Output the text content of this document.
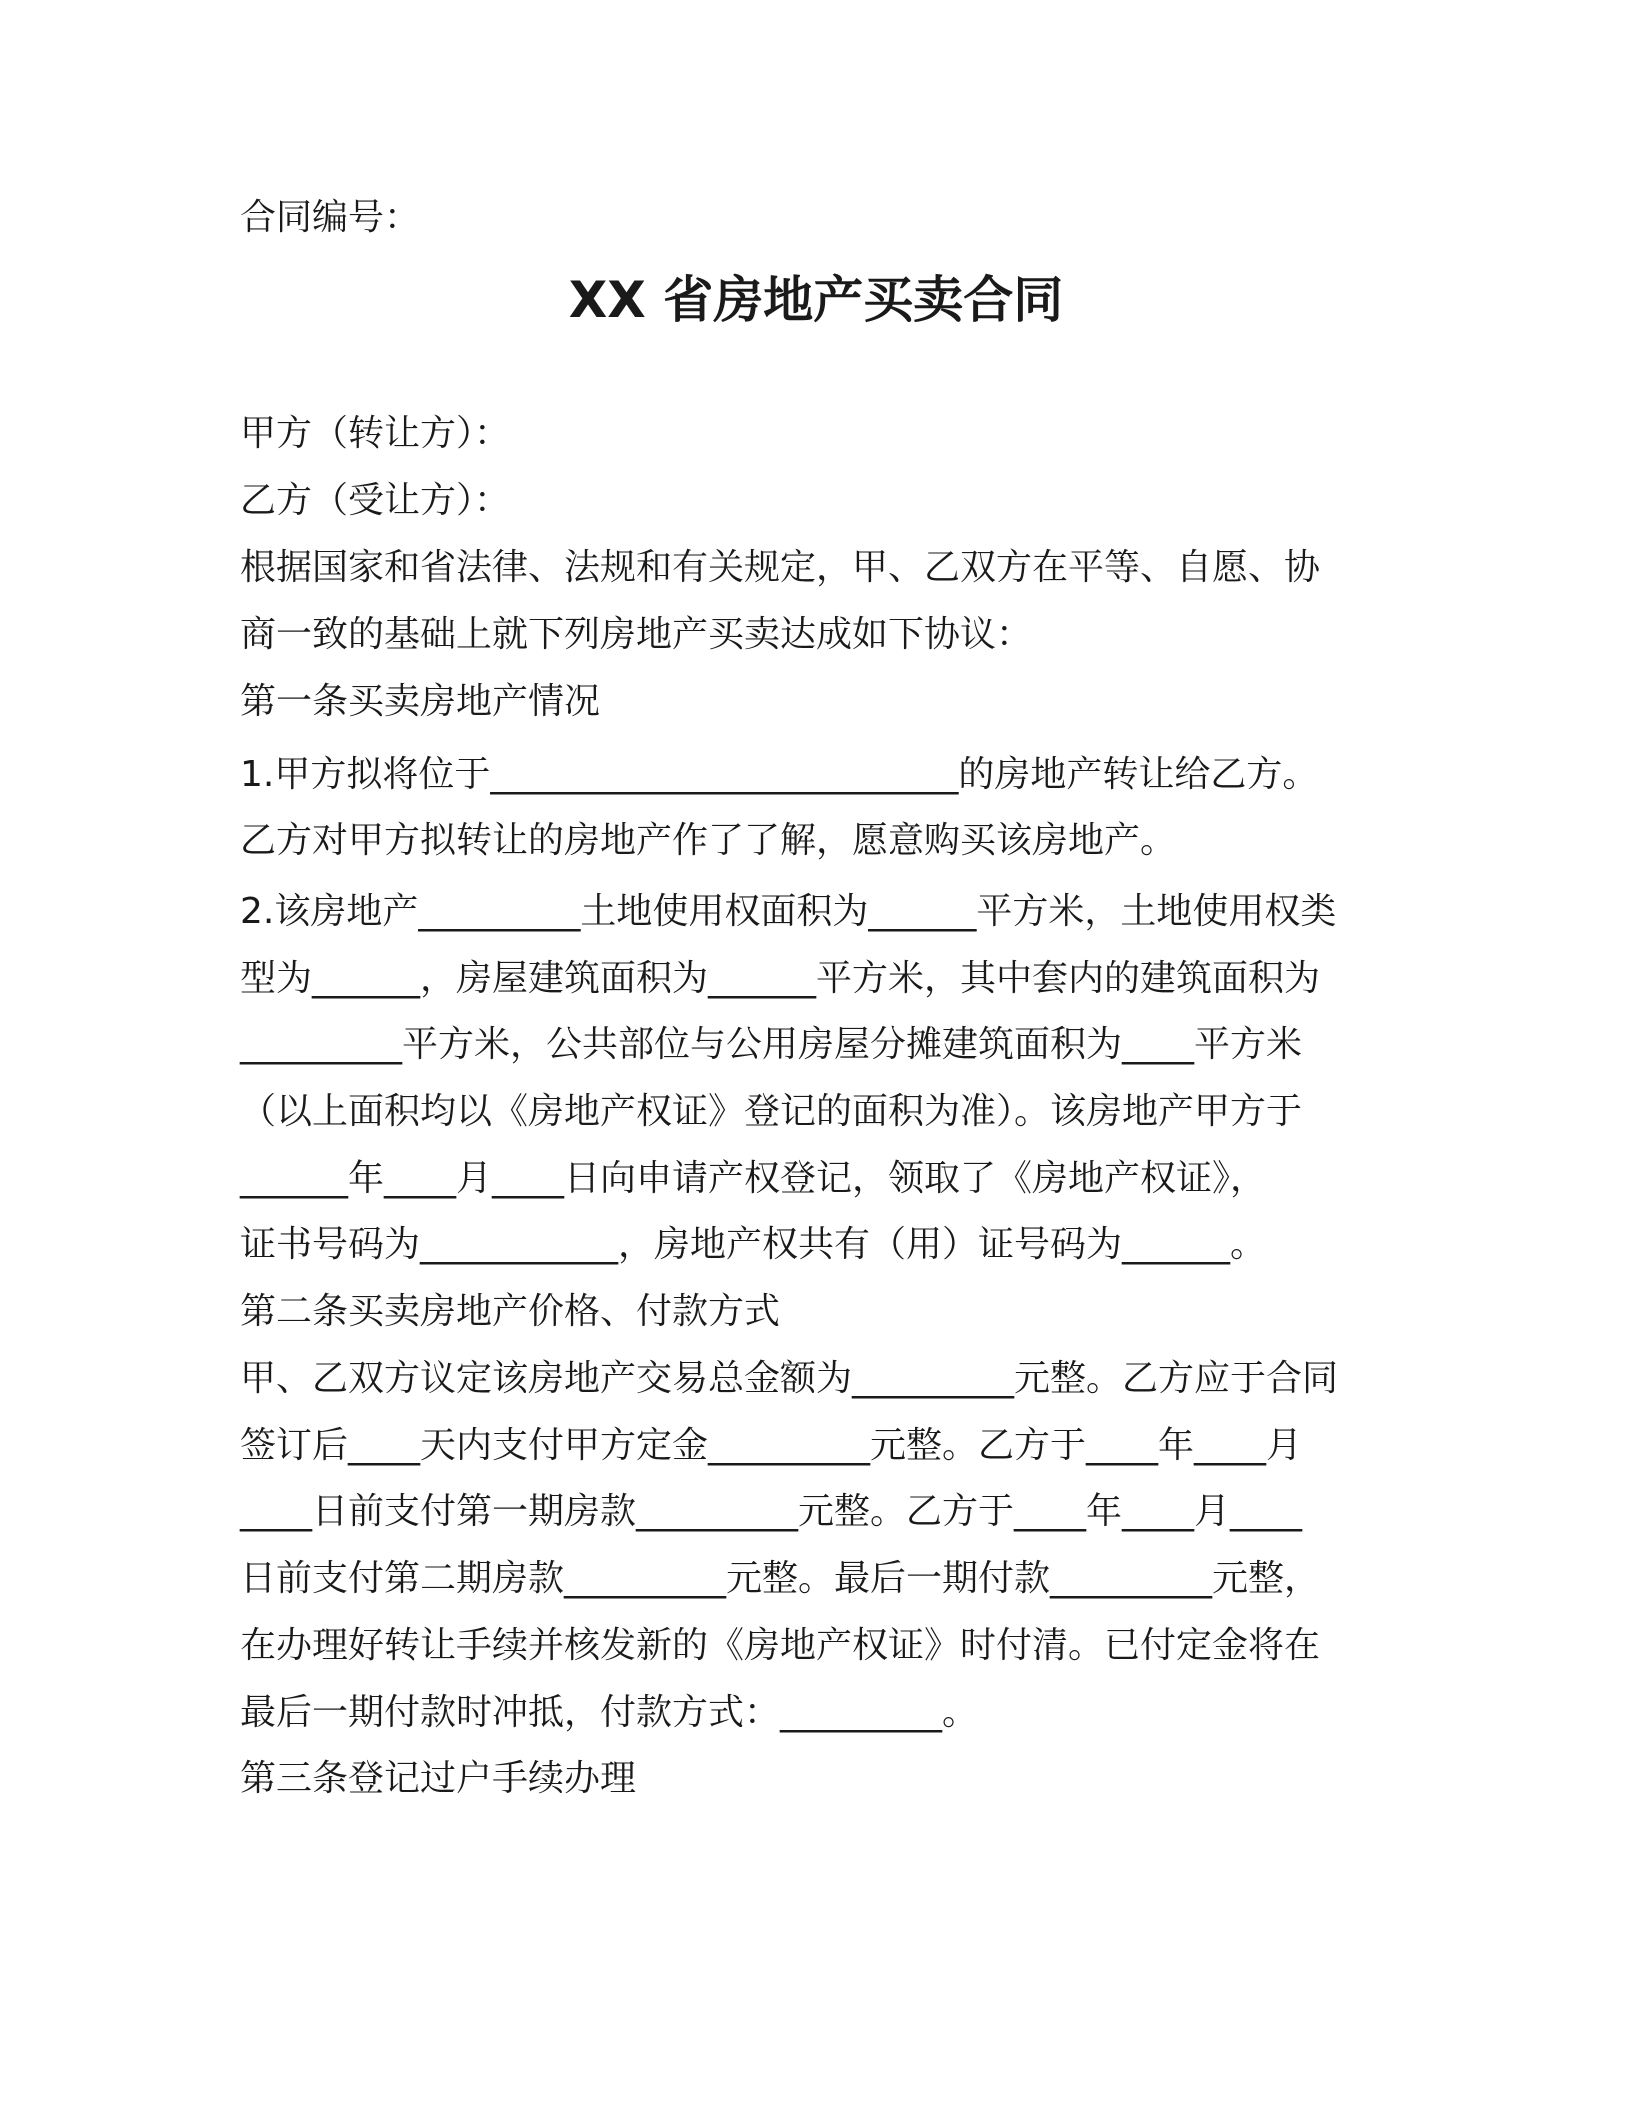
合同编号：
XX 省房地产买卖合同
甲方（转让方）：
乙方（受让方）：
根据国家和省法律、法规和有关规定，甲、乙双方在平等、自愿、协
商一致的基础上就下列房地产买卖达成如下协议：
第一条买卖房地产情况
1.甲方拟将位于__________________________的房地产转让给乙方。
乙方对甲方拟转让的房地产作了了解，愿意购买该房地产。
2.该房地产_________土地使用权面积为______平方米，土地使用权类
型为______，房屋建筑面积为______平方米，其中套内的建筑面积为
_________平方米，公共部位与公用房屋分摊建筑面积为____平方米
（以上面积均以《房地产权证》登记的面积为准）。该房地产甲方于
______年____月____日向申请产权登记，领取了《房地产权证》，
证书号码为___________，房地产权共有（用）证号码为______。
第二条买卖房地产价格、付款方式
甲、乙双方议定该房地产交易总金额为_________元整。乙方应于合同
签订后____天内支付甲方定金_________元整。乙方于____年____月
____日前支付第一期房款_________元整。乙方于____年____月____
日前支付第二期房款_________元整。最后一期付款_________元整，
在办理好转让手续并核发新的《房地产权证》时付清。已付定金将在
最后一期付款时冲抵，付款方式：_________。
第三条登记过户手续办理
